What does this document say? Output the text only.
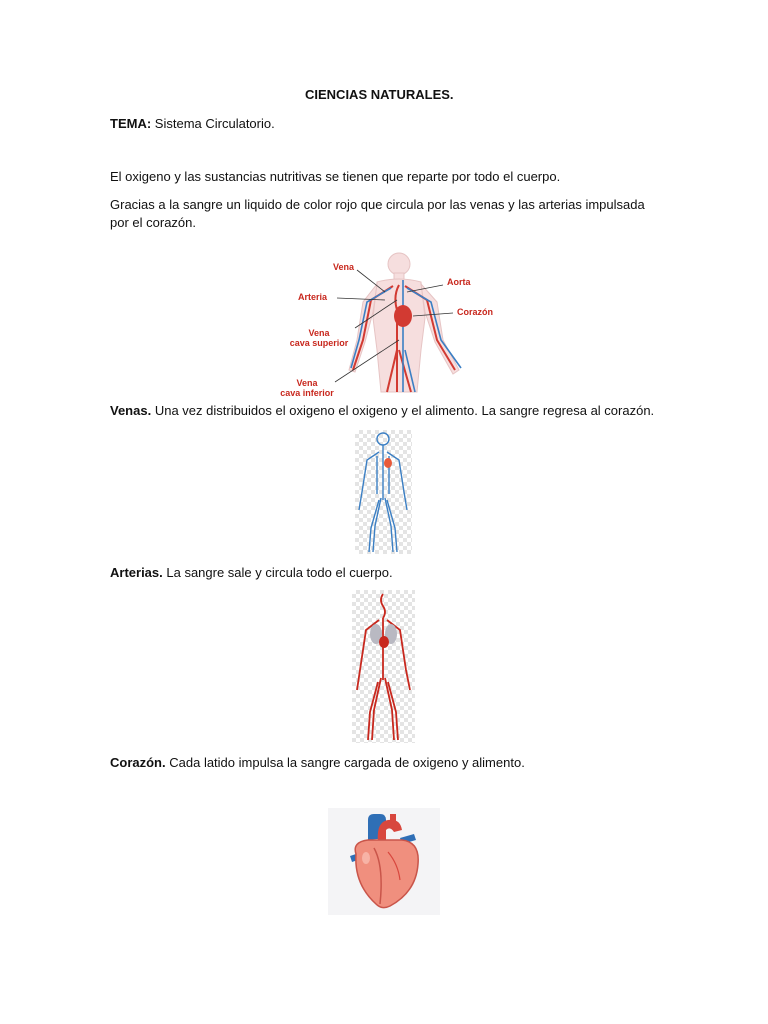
CIENCIAS NATURALES.
TEMA: Sistema Circulatorio.
El oxigeno y las sustancias nutritivas se tienen que reparte por todo el cuerpo.
Gracias a la sangre un liquido de color rojo que circula por las venas y las arterias impulsada
por el corazón.
Vena
Aorta
Arteria
Corazón
Vena
cava superior
Vena
cava inferior
Venas. Una vez distribuidos el oxigeno el oxigeno y el alimento. La sangre regresa al corazón.
Arterias. La sangre sale y circula todo el cuerpo.
Corazón. Cada latido impulsa la sangre cargada de oxigeno y alimento.
